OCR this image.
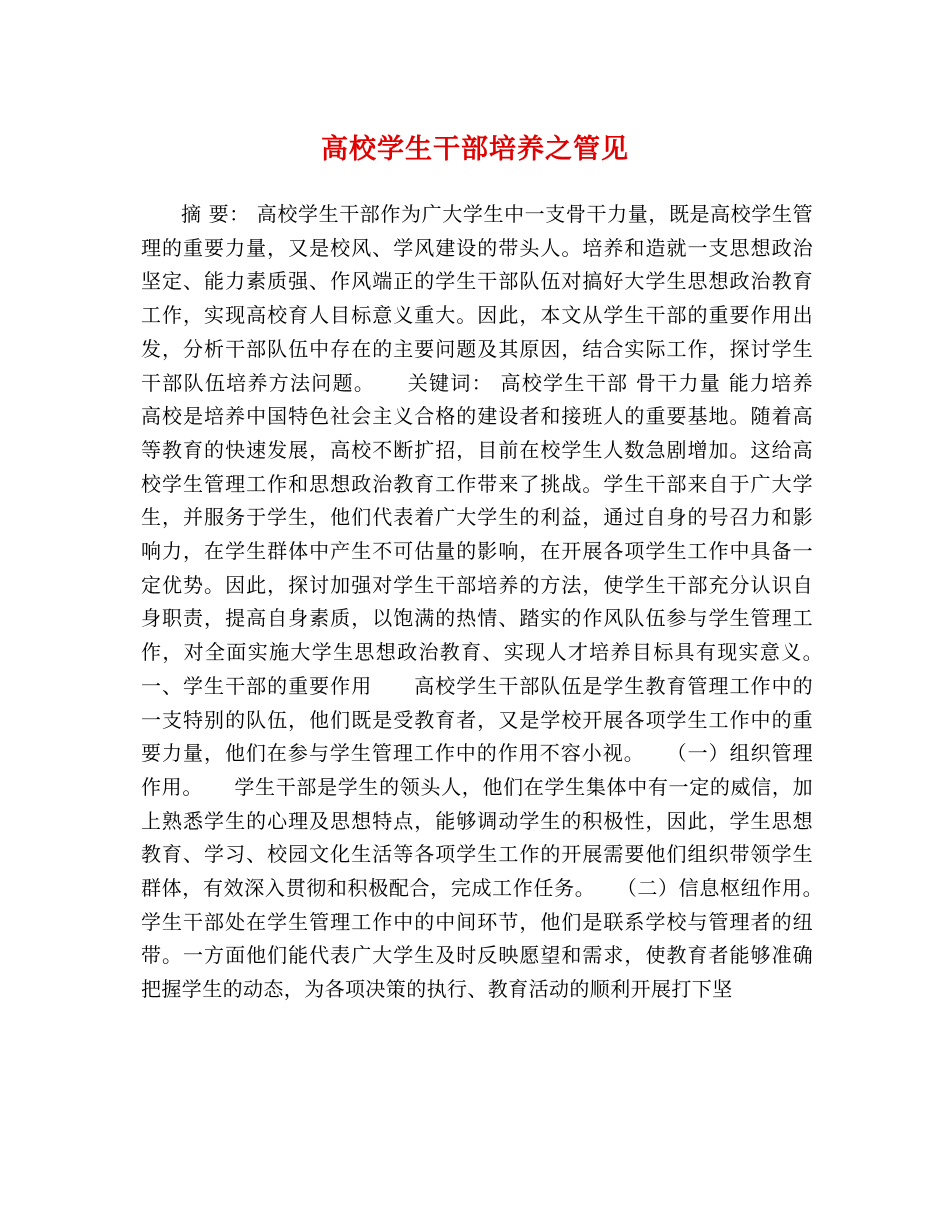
高校学生干部培养之管见

摘 要： 高校学生干部作为广大学生中一支骨干力量，既是高校学生管理的重要力量，又是校风、学风建设的带头人。培养和造就一支思想政治坚定、能力素质强、作风端正的学生干部队伍对搞好大学生思想政治教育工作，实现高校育人目标意义重大。因此，本文从学生干部的重要作用出发，分析干部队伍中存在的主要问题及其原因，结合实际工作，探讨学生干部队伍培养方法问题。　　关键词： 高校学生干部 骨干力量 能力培养　　高校是培养中国特色社会主义合格的建设者和接班人的重要基地。随着高等教育的快速发展，高校不断扩招，目前在校学生人数急剧增加。这给高校学生管理工作和思想政治教育工作带来了挑战。学生干部来自于广大学生，并服务于学生，他们代表着广大学生的利益，通过自身的号召力和影响力，在学生群体中产生不可估量的影响，在开展各项学生工作中具备一定优势。因此，探讨加强对学生干部培养的方法，使学生干部充分认识自身职责，提高自身素质，以饱满的热情、踏实的作风队伍参与学生管理工作，对全面实施大学生思想政治教育、实现人才培养目标具有现实意义。　　一、学生干部的重要作用　　高校学生干部队伍是学生教育管理工作中的一支特别的队伍，他们既是受教育者，又是学校开展各项学生工作中的重要力量，他们在参与学生管理工作中的作用不容小视。　　（一）组织管理作用。　　学生干部是学生的领头人，他们在学生集体中有一定的威信，加上熟悉学生的心理及思想特点，能够调动学生的积极性，因此，学生思想教育、学习、校园文化生活等各项学生工作的开展需要他们组织带领学生群体，有效深入贯彻和积极配合，完成工作任务。　　（二）信息枢纽作用。　　学生干部处在学生管理工作中的中间环节，他们是联系学校与管理者的纽带。一方面他们能代表广大学生及时反映愿望和需求，使教育者能够准确把握学生的动态，为各项决策的执行、教育活动的顺利开展打下坚
